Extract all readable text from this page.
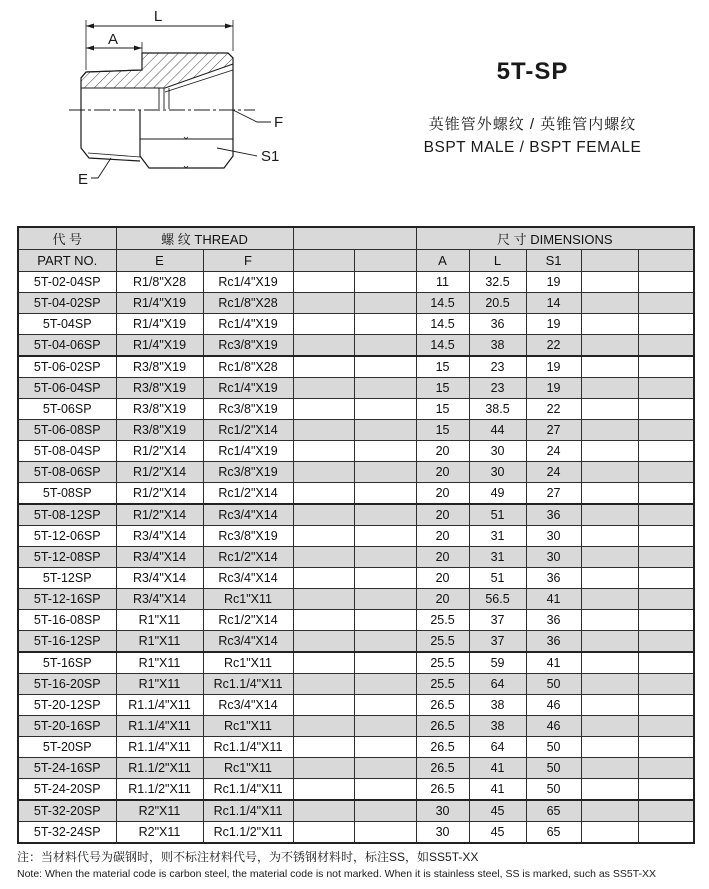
L
A
F
S1
E
5T-SP
英锥管外螺纹 / 英锥管内螺纹
BSPT MALE / BSPT FEMALE
代 号	螺 纹 THREAD				尺 寸 DIMENSIONS				
PART NO.	E	F			A	L	S1		
5T-02-04SP	R1/8"X28	Rc1/4"X19			11	32.5	19		
5T-04-02SP	R1/4"X19	Rc1/8"X28			14.5	20.5	14		
5T-04SP	R1/4"X19	Rc1/4"X19			14.5	36	19		
5T-04-06SP	R1/4"X19	Rc3/8"X19			14.5	38	22		
5T-06-02SP	R3/8"X19	Rc1/8"X28			15	23	19		
5T-06-04SP	R3/8"X19	Rc1/4"X19			15	23	19		
5T-06SP	R3/8"X19	Rc3/8"X19			15	38.5	22		
5T-06-08SP	R3/8"X19	Rc1/2"X14			15	44	27		
5T-08-04SP	R1/2"X14	Rc1/4"X19			20	30	24		
5T-08-06SP	R1/2"X14	Rc3/8"X19			20	30	24		
5T-08SP	R1/2"X14	Rc1/2"X14			20	49	27		
5T-08-12SP	R1/2"X14	Rc3/4"X14			20	51	36		
5T-12-06SP	R3/4"X14	Rc3/8"X19			20	31	30		
5T-12-08SP	R3/4"X14	Rc1/2"X14			20	31	30		
5T-12SP	R3/4"X14	Rc3/4"X14			20	51	36		
5T-12-16SP	R3/4"X14	Rc1"X11			20	56.5	41		
5T-16-08SP	R1"X11	Rc1/2"X14			25.5	37	36		
5T-16-12SP	R1"X11	Rc3/4"X14			25.5	37	36		
5T-16SP	R1"X11	Rc1"X11			25.5	59	41		
5T-16-20SP	R1"X11	Rc1.1/4"X11			25.5	64	50		
5T-20-12SP	R1.1/4"X11	Rc3/4"X14			26.5	38	46		
5T-20-16SP	R1.1/4"X11	Rc1"X11			26.5	38	46		
5T-20SP	R1.1/4"X11	Rc1.1/4"X11			26.5	64	50		
5T-24-16SP	R1.1/2"X11	Rc1"X11			26.5	41	50		
5T-24-20SP	R1.1/2"X11	Rc1.1/4"X11			26.5	41	50		
5T-32-20SP	R2"X11	Rc1.1/4"X11			30	45	65		
5T-32-24SP	R2"X11	Rc1.1/2"X11			30	45	65		
注：当材料代号为碳钢时，则不标注材料代号，为不锈钢材料时，标注SS，如SS5T-XX
Note: When the material code is carbon steel, the material code is not marked. When it is stainless steel, SS is marked, such as SS5T-XX
